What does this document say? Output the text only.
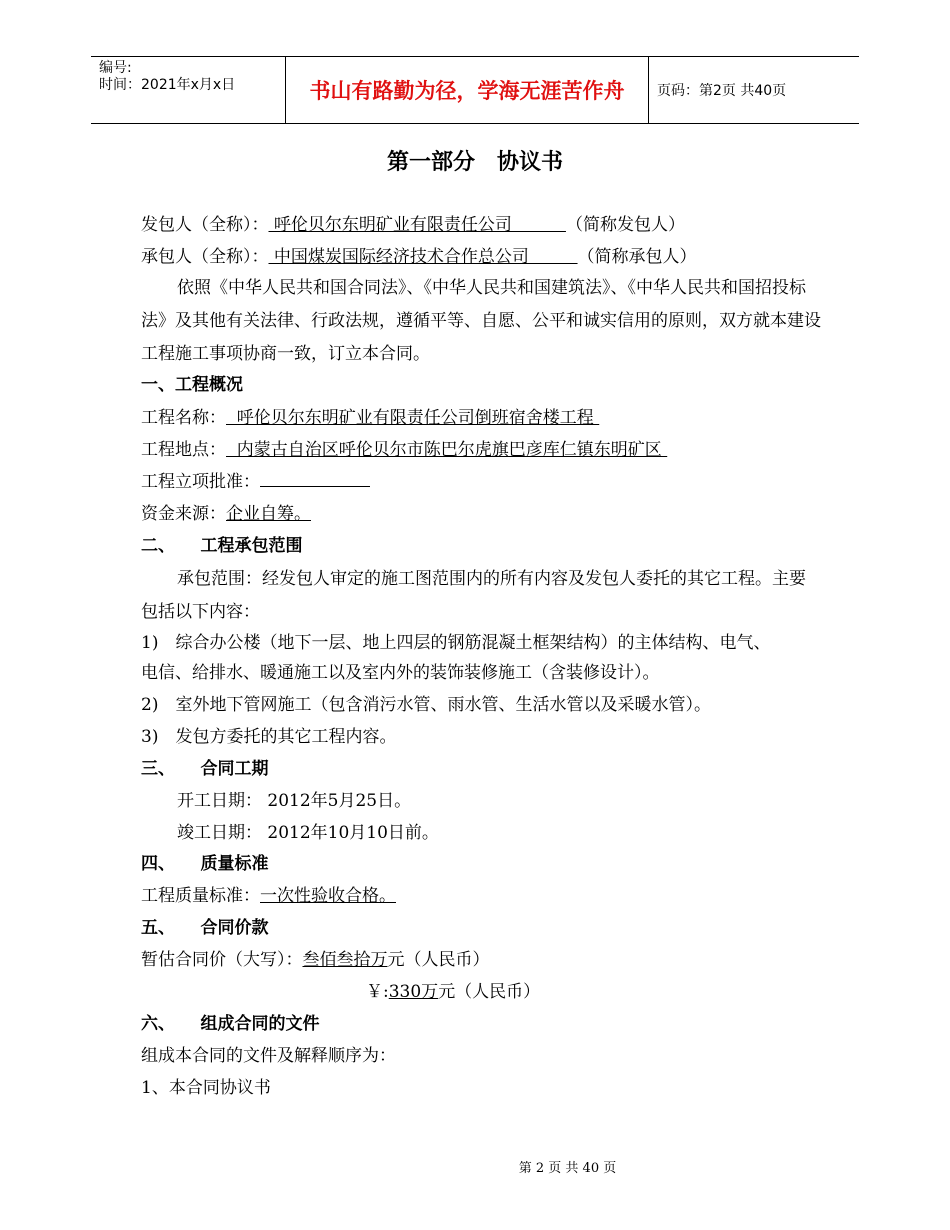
编号:
时间：2021年x月x日	书山有路勤为径，学海无涯苦作舟	页码：第2页 共40页
第一部分　协议书
发包人（全称）： 呼伦贝尔东明矿业有限责任公司          （简称发包人）
承包人（全称）： 中国煤炭国际经济技术合作总公司         （简称承包人）
依照《中华人民共和国合同法》、《中华人民共和国建筑法》、《中华人民共和国招投标法》及其他有关法律、行政法规，遵循平等、自愿、公平和诚实信用的原则，双方就本建设工程施工事项协商一致，订立本合同。
一、工程概况
工程名称：  呼伦贝尔东明矿业有限责任公司倒班宿舍楼工程
工程地点：  内蒙古自治区呼伦贝尔市陈巴尔虎旗巴彦库仁镇东明矿区
工程立项批准：
资金来源：企业自筹。
二、　　工程承包范围
承包范围：经发包人审定的施工图范围内的所有内容及发包人委托的其它工程。主要包括以下内容：
1)　综合办公楼（地下一层、地上四层的钢筋混凝土框架结构）的主体结构、电气、
电信、给排水、暖通施工以及室内外的装饰装修施工（含装修设计）。
2)　室外地下管网施工（包含消污水管、雨水管、生活水管以及采暖水管）。
3)　发包方委托的其它工程内容。
三、　　合同工期
开工日期： 2012年5月25日。
竣工日期： 2012年10月10日前。
四、　　质量标准
工程质量标准：一次性验收合格。
五、　　合同价款
暂估合同价（大写）：叁佰叁拾万元（人民币）
￥:330万元（人民币）
六、　　组成合同的文件
组成本合同的文件及解释顺序为：
1、本合同协议书
第 2 页 共 40 页
